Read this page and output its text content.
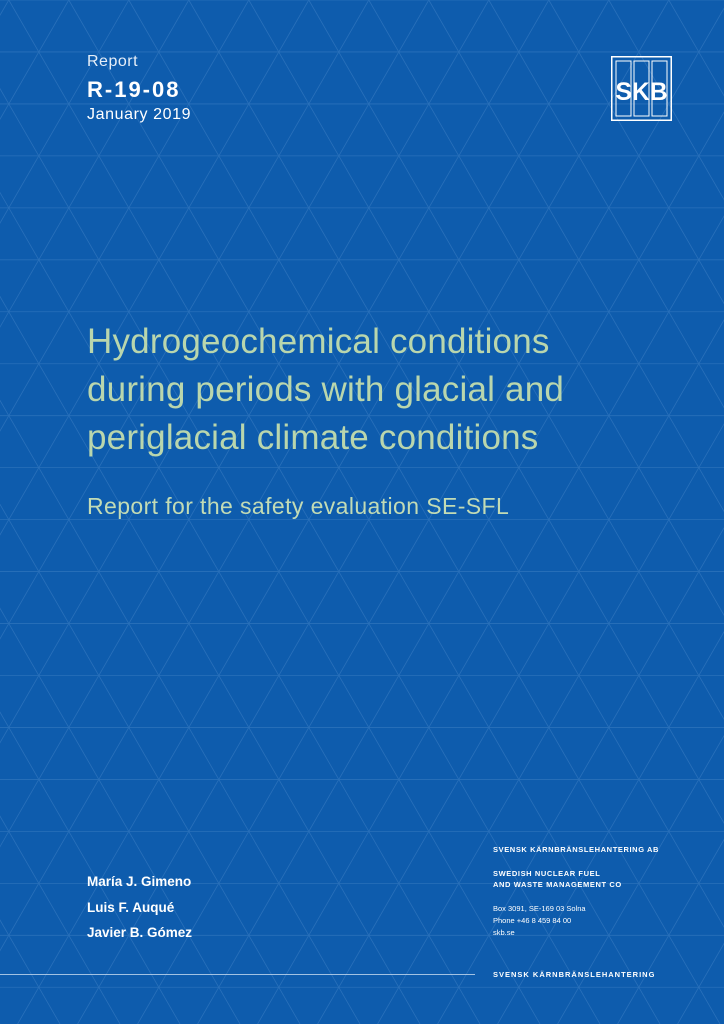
Report
R-19-08
January 2019
SKB
Hydrogeochemical conditions
during periods with glacial and
periglacial climate conditions
Report for the safety evaluation SE-SFL
María J. Gimeno
Luis F. Auqué
Javier B. Gómez
SVENSK KÄRNBRÄNSLEHANTERING AB
SWEDISH NUCLEAR FUEL
AND WASTE MANAGEMENT CO
Box 3091, SE-169 03 Solna
Phone +46 8 459 84 00
skb.se
SVENSK KÄRNBRÄNSLEHANTERING
